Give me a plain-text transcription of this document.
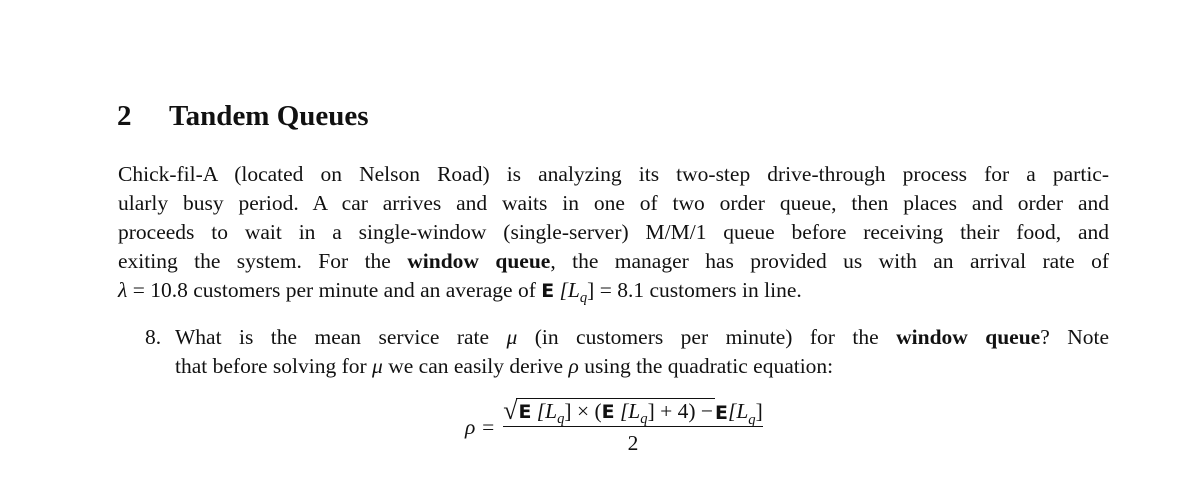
2 Tandem Queues
Chick-fil-A (located on Nelson Road) is analyzing its two-step drive-through process for a partic-
ularly busy period. A car arrives and waits in one of two order queue, then places and order and
proceeds to wait in a single-window (single-server) M/M/1 queue before receiving their food, and
exiting the system. For the window queue, the manager has provided us with an arrival rate of
λ = 10.8 customers per minute and an average of E $[L_q] = 8.1$ customers in line.
8. What is the mean service rate μ (in customers per minute) for the window queue? Note
that before solving for μ we can easily derive ρ using the quadratic equation:
$\rho = \frac{√ E [L_q] \times (E [L_q] + 4) - E [L q ]}{2}$
